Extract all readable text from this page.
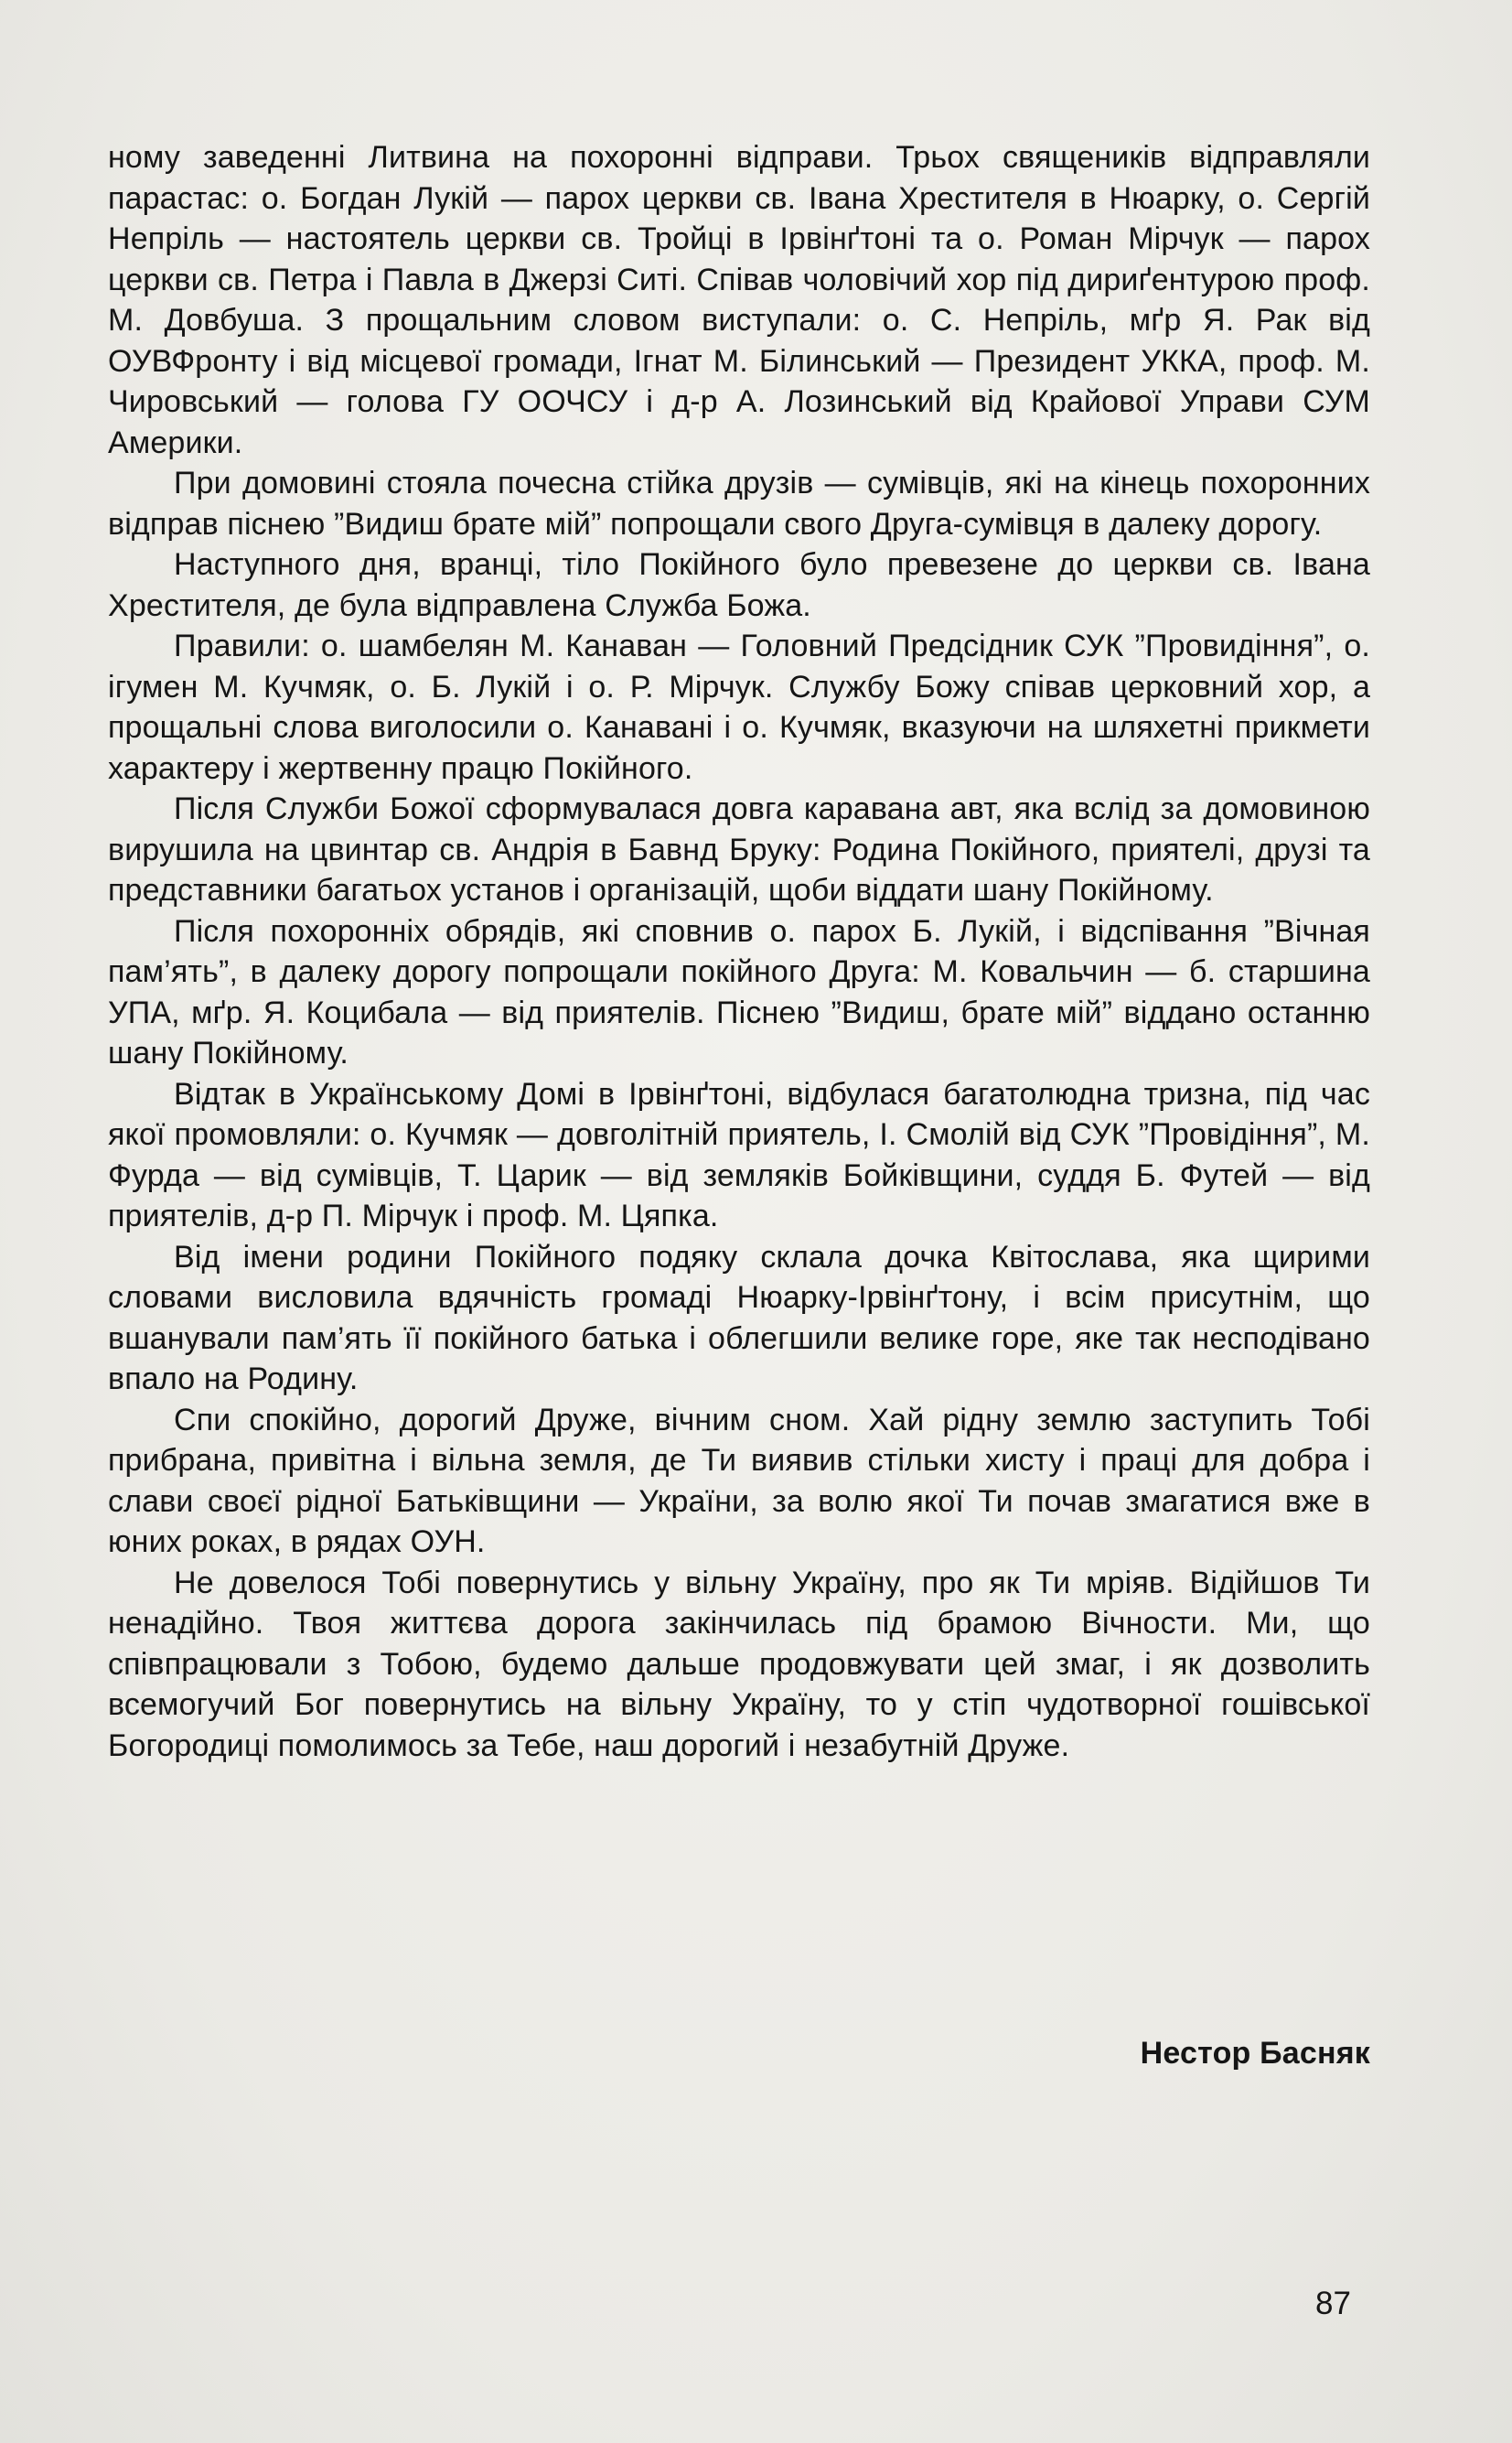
ному заведенні Литвина на похоронні відправи. Трьох священиків відправляли парастас: о. Богдан Лукій — парох церкви св. Івана Хрестителя в Нюарку, о. Сергій Непріль — настоятель церкви св. Тройці в Ірвінґтоні та о. Роман Мірчук — парох церкви св. Петра і Павла в Джерзі Ситі. Співав чоловічий хор під дириґентурою проф. М. Довбуша. З прощальним словом виступали: о. С. Непріль, мґр Я. Рак від ОУВФронту і від місцевої громади, Ігнат М. Білинський — Президент УККА, проф. М. Чировський — голова ГУ ООЧСУ і д-р А. Лозинський від Крайової Управи СУМ Америки.

При домовині стояла почесна стійка друзів — сумівців, які на кінець похоронних відправ піснею ”Видиш брате мій” попрощали свого Друга-сумівця в далеку дорогу.

Наступного дня, вранці, тіло Покійного було превезене до церкви св. Івана Хрестителя, де була відправлена Служба Божа.

Правили: о. шамбелян М. Канаван — Головний Предсідник СУК ”Провидіння”, о. ігумен М. Кучмяк, о. Б. Лукій і о. Р. Мірчук. Службу Божу співав церковний хор, а прощальні слова виголосили о. Канавані і о. Кучмяк, вказуючи на шляхетні прикмети характеру і жертвенну працю Покійного.

Після Служби Божої сформувалася довга каравана авт, яка вслід за домовиною вирушила на цвинтар св. Андрія в Бавнд Бруку: Родина Покійного, приятелі, друзі та представники багатьох установ і організацій, щоби віддати шану Покійному.

Після похоронніх обрядів, які сповнив о. парох Б. Лукій, і відспівання ”Вічная пам’ять”, в далеку дорогу попрощали покійного Друга: М. Ковальчин — б. старшина УПА, мґр. Я. Коцибала — від приятелів. Піснею ”Видиш, брате мій” віддано останню шану Покійному.

Відтак в Українському Домі в Ірвінґтоні, відбулася багатолюдна тризна, під час якої промовляли: о. Кучмяк — довголітній приятель, І. Смолій від СУК ”Провідіння”, М. Фурда — від сумівців, Т. Царик — від земляків Бойківщини, суддя Б. Футей — від приятелів, д-р П. Мірчук і проф. М. Цяпка.

Від імени родини Покійного подяку склала дочка Квітослава, яка щирими словами висловила вдячність громаді Нюарку-Ірвінґтону, і всім присутнім, що вшанували пам’ять її покійного батька і облегшили велике горе, яке так несподівано впало на Родину.

Спи спокійно, дорогий Друже, вічним сном. Хай рідну землю заступить Тобі прибрана, привітна і вільна земля, де Ти виявив стільки хисту і праці для добра і слави своєї рідної Батьківщини — України, за волю якої Ти почав змагатися вже в юних роках, в рядах ОУН.

Не довелося Тобі повернутись у вільну Україну, про як Ти мріяв. Відійшов Ти ненадійно. Твоя життєва дорога закінчилась під брамою Вічности. Ми, що співпрацювали з Тобою, будемо дальше продовжувати цей змаг, і як дозволить всемогучий Бог повернутись на вільну Україну, то у стіп чудотворної гошівської Богородиці помолимось за Тебе, наш дорогий і незабутній Друже.

Нестор Басняк
87
